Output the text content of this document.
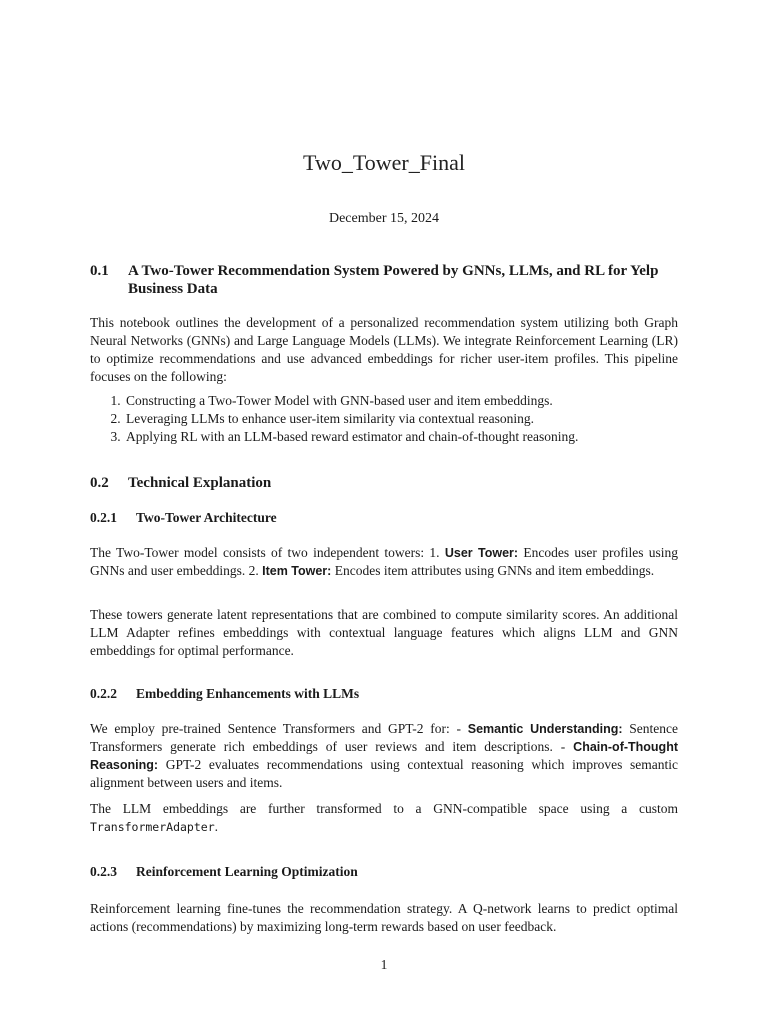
Two_Tower_Final
December 15, 2024
0.1	A Two-Tower Recommendation System Powered by GNNs, LLMs, and RL for Yelp Business Data

This notebook outlines the development of a personalized recommendation system utilizing both Graph Neural Networks (GNNs) and Large Language Models (LLMs). We integrate Reinforcement Learning (LR) to optimize recommendations and use advanced embeddings for richer user-item profiles. This pipeline focuses on the following:

1. Constructing a Two-Tower Model with GNN-based user and item embeddings.
2. Leveraging LLMs to enhance user-item similarity via contextual reasoning.
3. Applying RL with an LLM-based reward estimator and chain-of-thought reasoning.
0.2	Technical Explanation
0.2.1	Two-Tower Architecture

The Two-Tower model consists of two independent towers: 1. User Tower: Encodes user profiles using GNNs and user embeddings. 2. Item Tower: Encodes item attributes using GNNs and item embeddings.

These towers generate latent representations that are combined to compute similarity scores. An additional LLM Adapter refines embeddings with contextual language features which aligns LLM and GNN embeddings for optimal performance.

0.2.2	Embedding Enhancements with LLMs

We employ pre-trained Sentence Transformers and GPT-2 for: - Semantic Understanding: Sentence Transformers generate rich embeddings of user reviews and item descriptions. - Chain-of-Thought Reasoning: GPT-2 evaluates recommendations using contextual reasoning which improves semantic alignment between users and items.

The LLM embeddings are further transformed to a GNN-compatible space using a custom TransformerAdapter.

0.2.3	Reinforcement Learning Optimization

Reinforcement learning fine-tunes the recommendation strategy. A Q-network learns to predict optimal actions (recommendations) by maximizing long-term rewards based on user feedback.

1
